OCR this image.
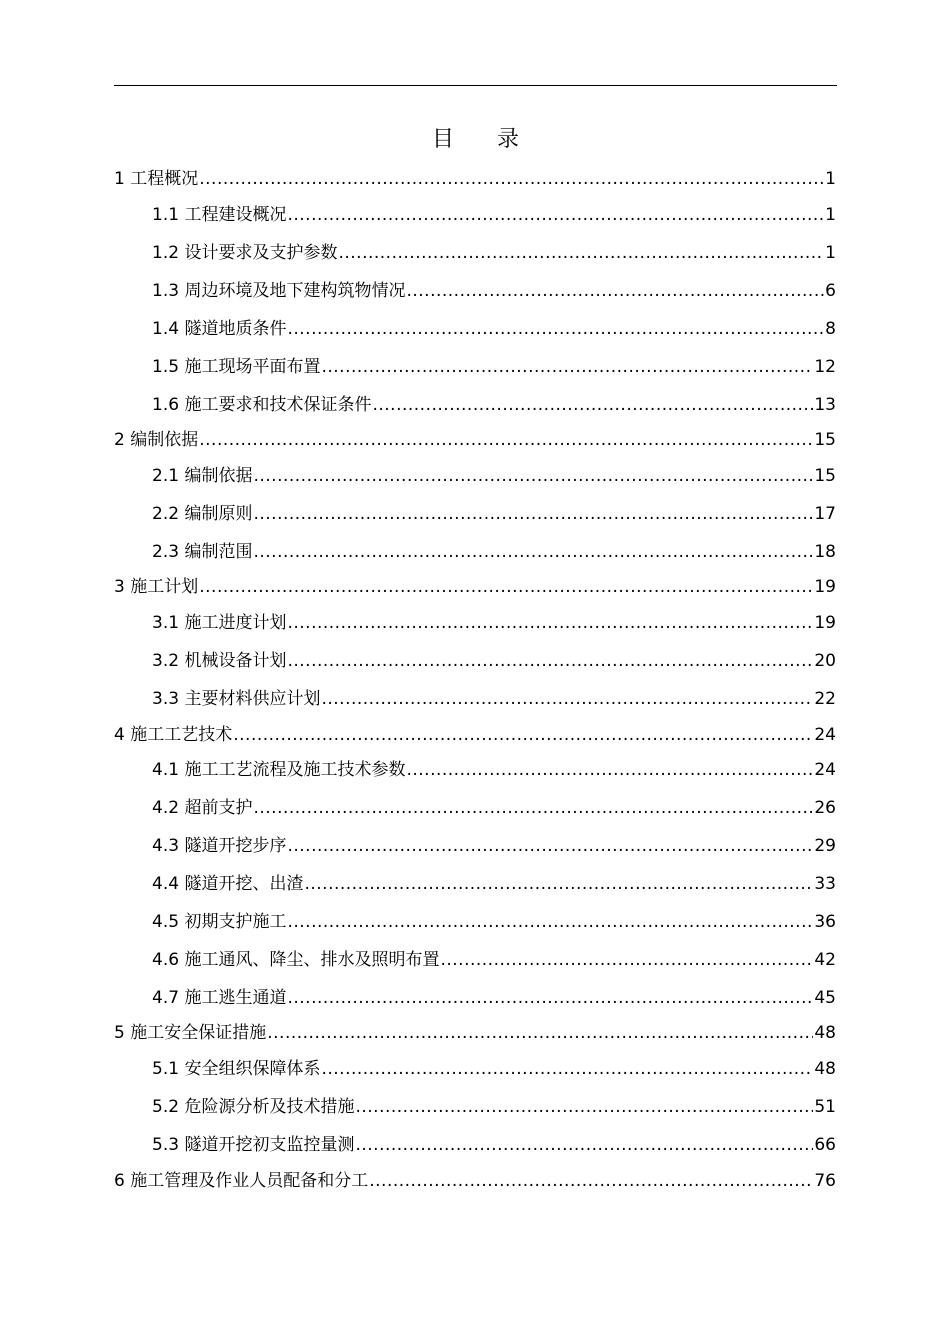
目 录
1 工程概况 .....	1
1.1 工程建设概况 .....	1
1.2 设计要求及支护参数 .....	1
1.3 周边环境及地下建构筑物情况 .....	6
1.4 隧道地质条件 .....	8
1.5 施工现场平面布置 .....	12
1.6 施工要求和技术保证条件 .....	13
2 编制依据 .....	15
2.1 编制依据 .....	15
2.2 编制原则 .....	17
2.3 编制范围 .....	18
3 施工计划 .....	19
3.1 施工进度计划 .....	19
3.2 机械设备计划 .....	20
3.3 主要材料供应计划 .....	22
4 施工工艺技术 .....	24
4.1 施工工艺流程及施工技术参数 .....	24
4.2 超前支护 .....	26
4.3 隧道开挖步序 .....	29
4.4 隧道开挖、出渣 .....	33
4.5 初期支护施工 .....	36
4.6 施工通风、降尘、排水及照明布置 .....	42
4.7 施工逃生通道 .....	45
5 施工安全保证措施 .....	48
5.1 安全组织保障体系 .....	48
5.2 危险源分析及技术措施 .....	51
5.3 隧道开挖初支监控量测 .....	66
6 施工管理及作业人员配备和分工 .....	76
